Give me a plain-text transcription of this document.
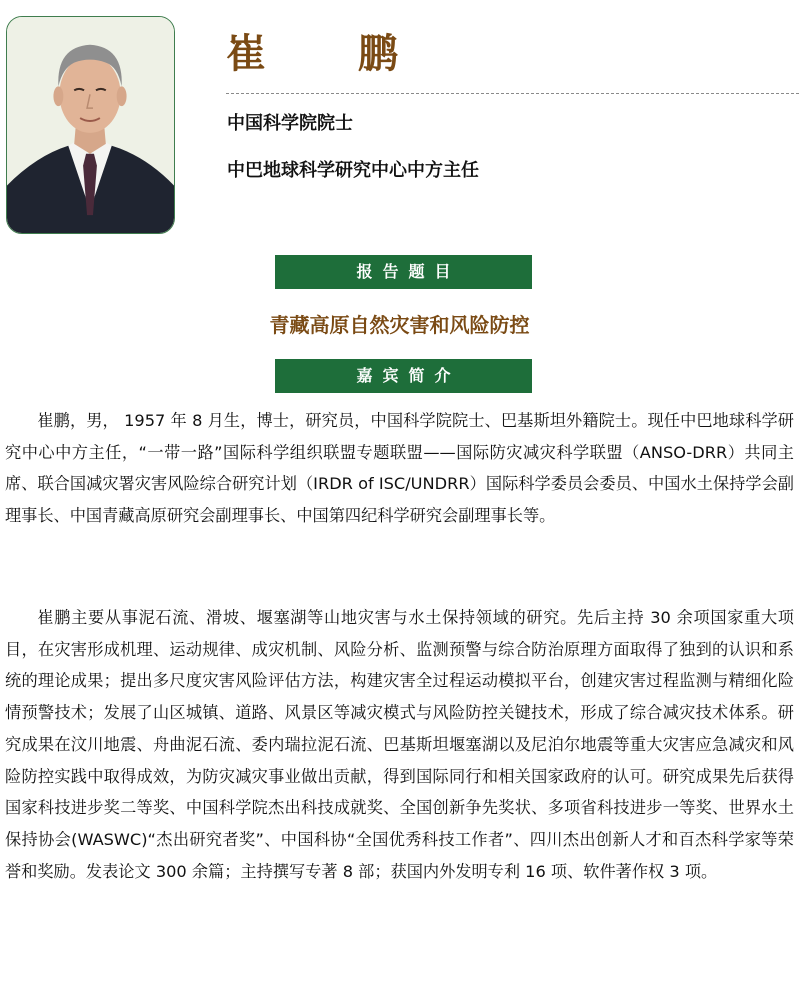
崔　鹏
中国科学院院士
中巴地球科学研究中心中方主任
报告题目
青藏高原自然灾害和风险防控
嘉宾简介

崔鹏，男， 1957 年 8 月生，博士，研究员，中国科学院院士、巴基斯坦外籍院士。现任中巴地球科学研究中心中方主任，“一带一路”国际科学组织联盟专题联盟——国际防灾减灾科学联盟（ANSO-DRR）共同主席、联合国减灾署灾害风险综合研究计划（IRDR of ISC/UNDRR）国际科学委员会委员、中国水土保持学会副理事长、中国青藏高原研究会副理事长、中国第四纪科学研究会副理事长等。

崔鹏主要从事泥石流、滑坡、堰塞湖等山地灾害与水土保持领域的研究。先后主持 30 余项国家重大项目，在灾害形成机理、运动规律、成灾机制、风险分析、监测预警与综合防治原理方面取得了独到的认识和系统的理论成果；提出多尺度灾害风险评估方法，构建灾害全过程运动模拟平台，创建灾害过程监测与精细化险情预警技术；发展了山区城镇、道路、风景区等减灾模式与风险防控关键技术，形成了综合减灾技术体系。研究成果在汶川地震、舟曲泥石流、委内瑞拉泥石流、巴基斯坦堰塞湖以及尼泊尔地震等重大灾害应急减灾和风险防控实践中取得成效，为防灾减灾事业做出贡献，得到国际同行和相关国家政府的认可。研究成果先后获得国家科技进步奖二等奖、中国科学院杰出科技成就奖、全国创新争先奖状、多项省科技进步一等奖、世界水土保持协会(WASWC)“杰出研究者奖”、中国科协“全国优秀科技工作者”、四川杰出创新人才和百杰科学家等荣誉和奖励。发表论文 300 余篇；主持撰写专著 8 部；获国内外发明专利 16 项、软件著作权 3 项。
